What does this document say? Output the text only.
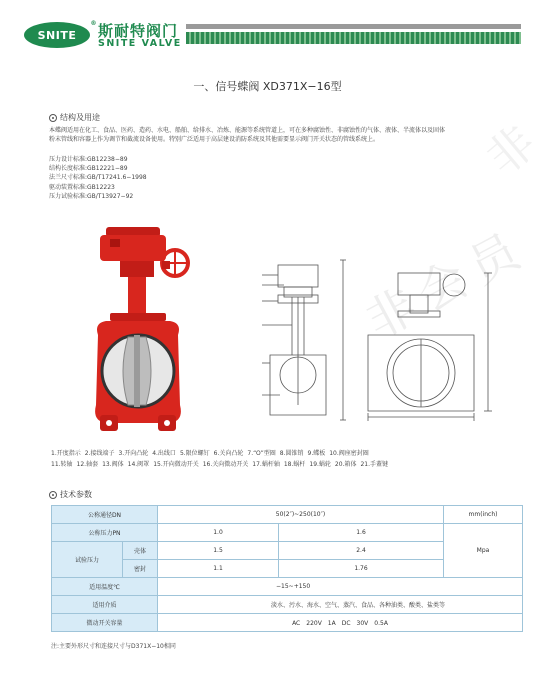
SNITE
® 斯耐特阀门
SNITE VALVE
非
一、信号蝶阀 XD371X−16型
结构及用途
本蝶阀适用在化工、食品、医药、造药、水电、船舶、给排水、冶炼、能源等系统管道上，可在多种腐蚀性、非腐蚀性的气体、液体、半流体以及固体粉末管线和容器上作为调节和截流设备使用。特别广泛适用于高层建设消防系统及其他需要显示阀门开关状态的管线系统上。
压力设计标准:GB12238−89
结构长度标准:GB12221−89
法兰尺寸标准:GB/T17241.6−1998
驱动装置标准:GB12223
压力试验标准:GB/T13927−92
非会员
1.开度指示 2.接线端子 3.开向凸轮 4.出线口 5.限位螺钉 6.关向凸轮 7.“O”型圈 8.圆锥销 9.蝶板 10.阀座密封圈
11.转轴 12.轴套 13.阀体 14.阀罩 15.开向微动开关 16.关向微动开关 17.蜗杆轴 18.蜗杆 19.蜗轮 20.箱体 21.手蓋键
技术参数
公称通径DN		50(2″)~250(10″)		mm(inch)
公称压力PN		1.0	1.6	Mpa
试验压力	壳体	1.5	2.4	
	密封	1.1	1.76	
适用温度℃		−15~+150		
适用介质		淡水、污水、海水、空气、蒸汽、食品、各种油类、酸类、盐类等		
微动开关容量		AC　220V　1A　DC　30V　0.5A		
注:主要外形尺寸和连接尺寸与D371X−10相同
